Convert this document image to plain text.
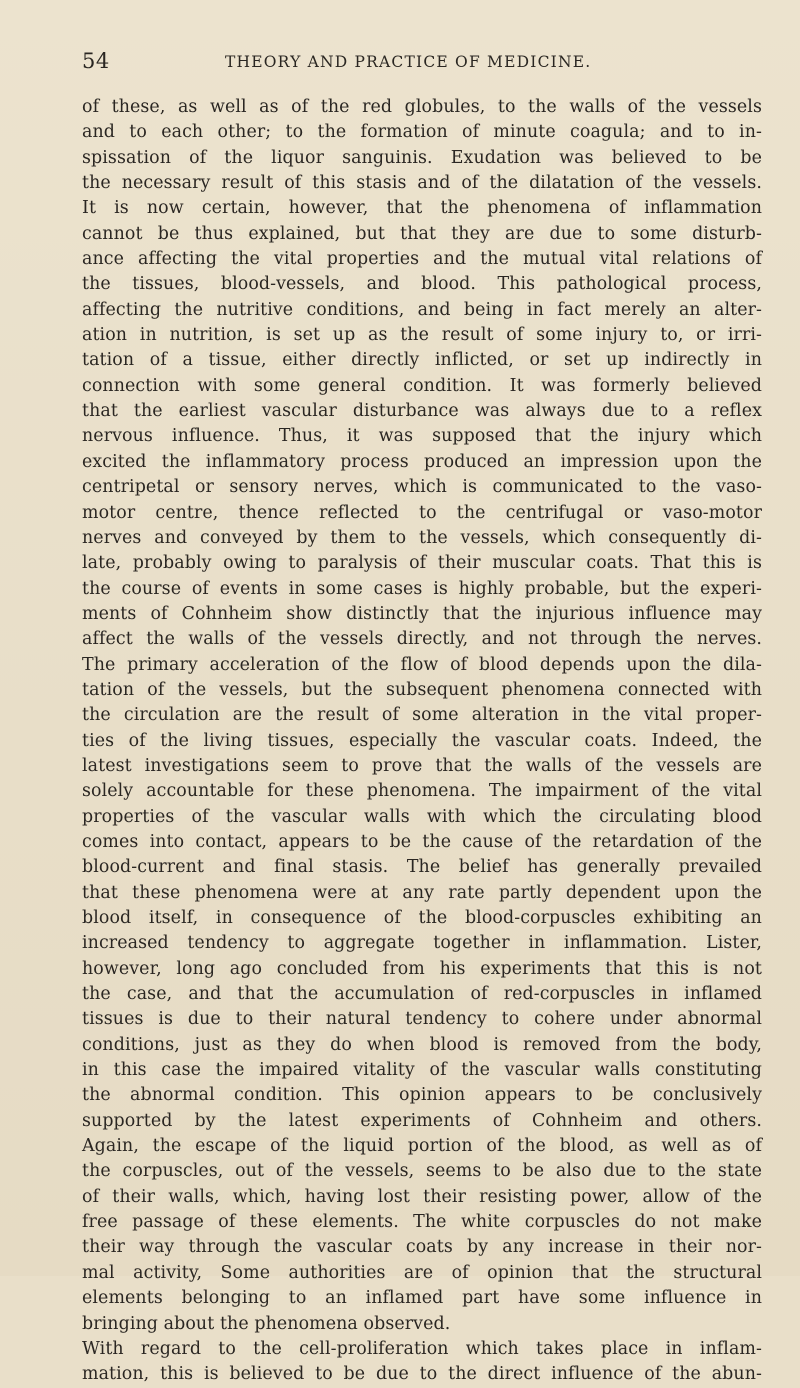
54	THEORY AND PRACTICE OF MEDICINE.
of these, as well as of the red globules, to the walls of the vessels
and to each other; to the formation of minute coagula; and to in-
spissation of the liquor sanguinis. Exudation was believed to be
the necessary result of this stasis and of the dilatation of the vessels.
It is now certain, however, that the phenomena of inflammation
cannot be thus explained, but that they are due to some disturb-
ance affecting the vital properties and the mutual vital relations of
the tissues, blood-vessels, and blood. This pathological process,
affecting the nutritive conditions, and being in fact merely an alter-
ation in nutrition, is set up as the result of some injury to, or irri-
tation of a tissue, either directly inflicted, or set up indirectly in
connection with some general condition. It was formerly believed
that the earliest vascular disturbance was always due to a reflex
nervous influence. Thus, it was supposed that the injury which
excited the inflammatory process produced an impression upon the
centripetal or sensory nerves, which is communicated to the vaso-
motor centre, thence reflected to the centrifugal or vaso-motor
nerves and conveyed by them to the vessels, which consequently di-
late, probably owing to paralysis of their muscular coats. That this is
the course of events in some cases is highly probable, but the experi-
ments of Cohnheim show distinctly that the injurious influence may
affect the walls of the vessels directly, and not through the nerves.
The primary acceleration of the flow of blood depends upon the dila-
tation of the vessels, but the subsequent phenomena connected with
the circulation are the result of some alteration in the vital proper-
ties of the living tissues, especially the vascular coats. Indeed, the
latest investigations seem to prove that the walls of the vessels are
solely accountable for these phenomena. The impairment of the vital
properties of the vascular walls with which the circulating blood
comes into contact, appears to be the cause of the retardation of the
blood-current and final stasis. The belief has generally prevailed
that these phenomena were at any rate partly dependent upon the
blood itself, in consequence of the blood-corpuscles exhibiting an
increased tendency to aggregate together in inflammation. Lister,
however, long ago concluded from his experiments that this is not
the case, and that the accumulation of red-corpuscles in inflamed
tissues is due to their natural tendency to cohere under abnormal
conditions, just as they do when blood is removed from the body,
in this case the impaired vitality of the vascular walls constituting
the abnormal condition. This opinion appears to be conclusively
supported by the latest experiments of Cohnheim and others.
Again, the escape of the liquid portion of the blood, as well as of
the corpuscles, out of the vessels, seems to be also due to the state
of their walls, which, having lost their resisting power, allow of the
free passage of these elements. The white corpuscles do not make
their way through the vascular coats by any increase in their nor-
mal activity, Some authorities are of opinion that the structural
elements belonging to an inflamed part have some influence in
bringing about the phenomena observed.
With regard to the cell-proliferation which takes place in inflam-
mation, this is believed to be due to the direct influence of the abun-
